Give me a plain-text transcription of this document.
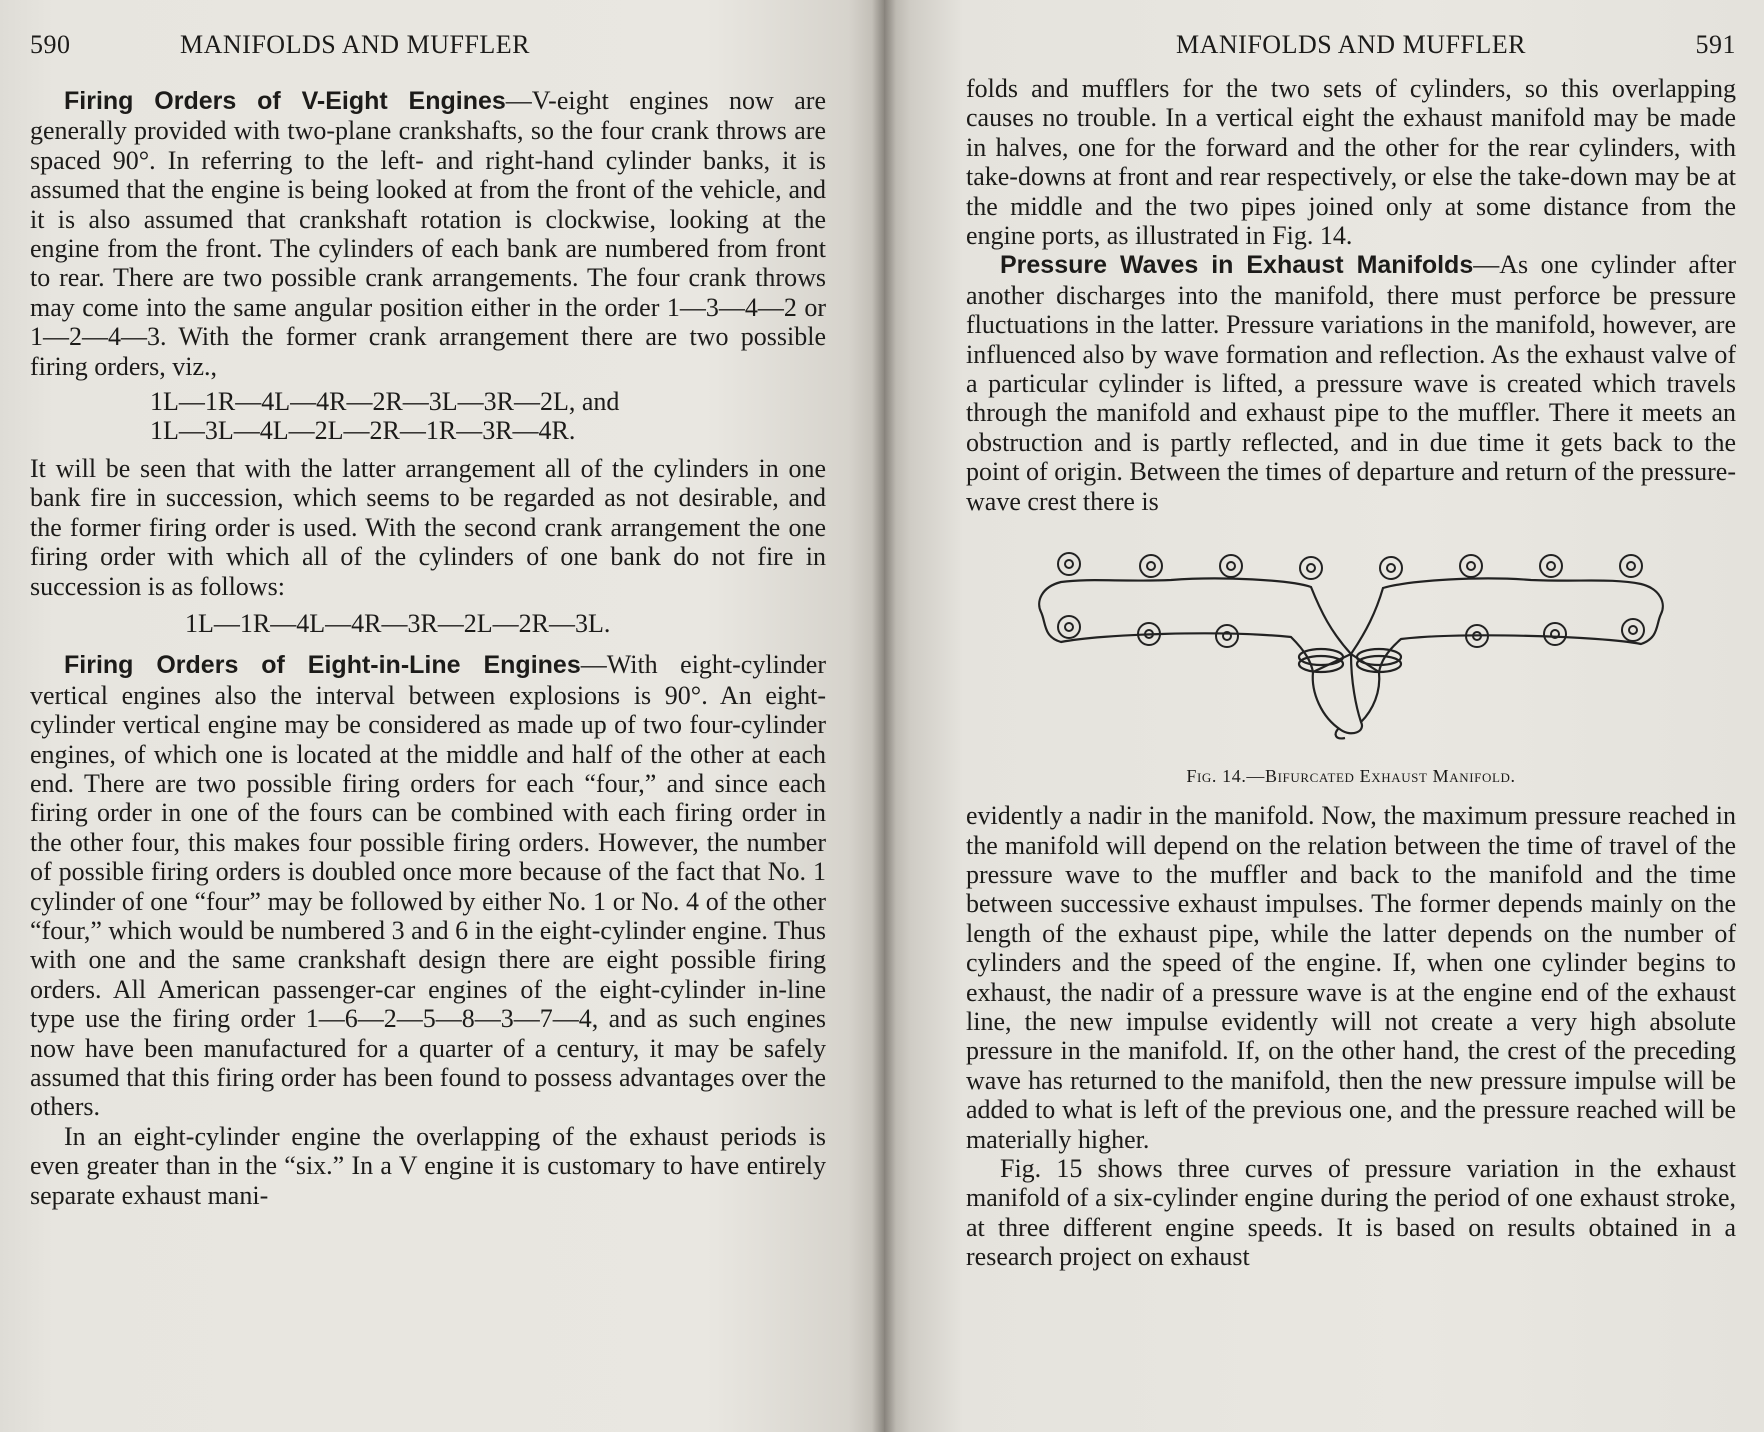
590	MANIFOLDS AND MUFFLER

Firing Orders of V-Eight Engines—V-eight engines now are generally provided with two-plane crankshafts, so the four crank throws are spaced 90°. In referring to the left- and right-hand cylinder banks, it is assumed that the engine is being looked at from the front of the vehicle, and it is also assumed that crankshaft rotation is clockwise, looking at the engine from the front. The cylinders of each bank are numbered from front to rear. There are two possible crank arrangements. The four crank throws may come into the same angular position either in the order 1—3—4—2 or 1—2—4—3. With the former crank arrangement there are two possible firing orders, viz.,

1L—1R—4L—4R—2R—3L—3R—2L, and
1L—3L—4L—2L—2R—1R—3R—4R.

It will be seen that with the latter arrangement all of the cylinders in one bank fire in succession, which seems to be regarded as not desirable, and the former firing order is used. With the second crank arrangement the one firing order with which all of the cylinders of one bank do not fire in succession is as follows:

1L—1R—4L—4R—3R—2L—2R—3L.

Firing Orders of Eight-in-Line Engines—With eight-cylinder vertical engines also the interval between explosions is 90°. An eight-cylinder vertical engine may be considered as made up of two four-cylinder engines, of which one is located at the middle and half of the other at each end. There are two possible firing orders for each “four,” and since each firing order in one of the fours can be combined with each firing order in the other four, this makes four possible firing orders. However, the number of possible firing orders is doubled once more because of the fact that No. 1 cylinder of one “four” may be followed by either No. 1 or No. 4 of the other “four,” which would be numbered 3 and 6 in the eight-cylinder engine. Thus with one and the same crankshaft design there are eight possible firing orders. All American passenger-car engines of the eight-cylinder in-line type use the firing order 1—6—2—5—8—3—7—4, and as such engines now have been manufactured for a quarter of a century, it may be safely assumed that this firing order has been found to possess advantages over the others.

In an eight-cylinder engine the overlapping of the exhaust periods is even greater than in the “six.” In a V engine it is customary to have entirely separate exhaust mani-

MANIFOLDS AND MUFFLER	591

folds and mufflers for the two sets of cylinders, so this overlapping causes no trouble. In a vertical eight the exhaust manifold may be made in halves, one for the forward and the other for the rear cylinders, with take-downs at front and rear respectively, or else the take-down may be at the middle and the two pipes joined only at some distance from the engine ports, as illustrated in Fig. 14.

Pressure Waves in Exhaust Manifolds—As one cylinder after another discharges into the manifold, there must perforce be pressure fluctuations in the latter. Pressure variations in the manifold, however, are influenced also by wave formation and reflection. As the exhaust valve of a particular cylinder is lifted, a pressure wave is created which travels through the manifold and exhaust pipe to the muffler. There it meets an obstruction and is partly reflected, and in due time it gets back to the point of origin. Between the times of departure and return of the pressure-wave crest there is

Fig. 14.—Bifurcated Exhaust Manifold.

evidently a nadir in the manifold. Now, the maximum pressure reached in the manifold will depend on the relation between the time of travel of the pressure wave to the muffler and back to the manifold and the time between successive exhaust impulses. The former depends mainly on the length of the exhaust pipe, while the latter depends on the number of cylinders and the speed of the engine. If, when one cylinder begins to exhaust, the nadir of a pressure wave is at the engine end of the exhaust line, the new impulse evidently will not create a very high absolute pressure in the manifold. If, on the other hand, the crest of the preceding wave has returned to the manifold, then the new pressure impulse will be added to what is left of the previous one, and the pressure reached will be materially higher.

Fig. 15 shows three curves of pressure variation in the exhaust manifold of a six-cylinder engine during the period of one exhaust stroke, at three different engine speeds. It is based on results obtained in a research project on exhaust
